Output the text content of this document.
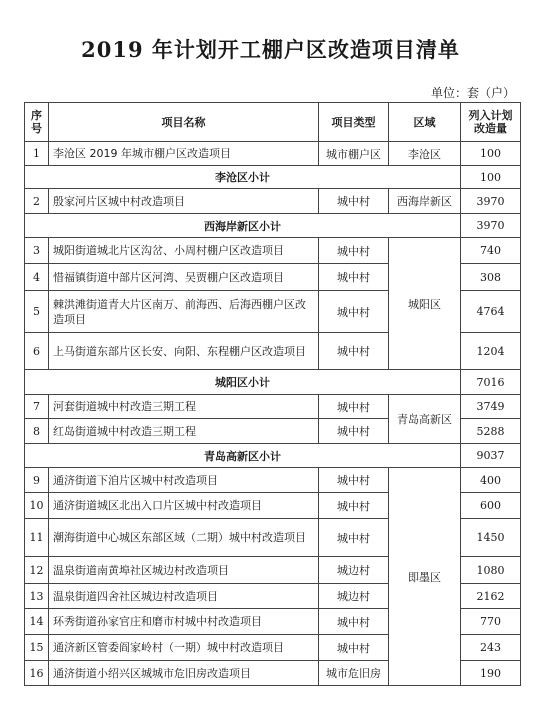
2019 年计划开工棚户区改造项目清单
单位：套（户）
序号	项目名称	项目类型	区域	列入计划改造量
1	李沧区 2019 年城市棚户区改造项目	城市棚户区	李沧区	100
李沧区小计				100
2	殷家河片区城中村改造项目	城中村	西海岸新区	3970
西海岸新区小计				3970
3	城阳街道城北片区沟岔、小周村棚户区改造项目	城中村	城阳区	740
4	惜福镇街道中部片区河湾、吴贾棚户区改造项目	城中村		308
5	棘洪滩街道青大片区南万、前海西、后海西棚户区改造项目	城中村		4764
6	上马街道东部片区长安、向阳、东程棚户区改造项目	城中村		1204
城阳区小计				7016
7	河套街道城中村改造三期工程	城中村	青岛高新区	3749
8	红岛街道城中村改造三期工程	城中村		5288
青岛高新区小计				9037
9	通济街道下洎片区城中村改造项目	城中村	即墨区	400
10	通济街道城区北出入口片区城中村改造项目	城中村		600
11	潮海街道中心城区东部区域（二期）城中村改造项目	城中村		1450
12	温泉街道南黄埠社区城边村改造项目	城边村		1080
13	温泉街道四舍社区城边村改造项目	城边村		2162
14	环秀街道孙家官庄和磨市村城中村改造项目	城中村		770
15	通济新区管委阎家岭村（一期）城中村改造项目	城中村		243
16	通济街道小绍兴区城城市危旧房改造项目	城市危旧房		190
